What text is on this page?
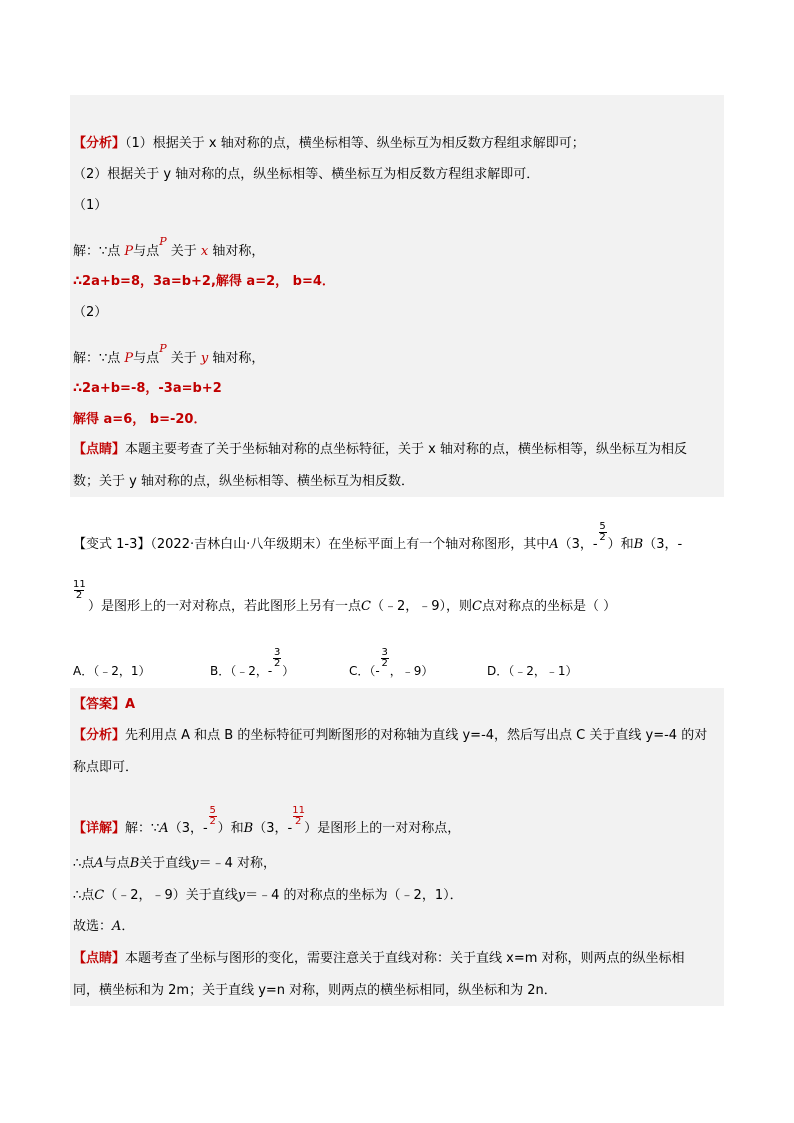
【分析】（1）根据关于 x 轴对称的点，横坐标相等、纵坐标互为相反数方程组求解即可；
（2）根据关于 y 轴对称的点，纵坐标相等、横坐标互为相反数方程组求解即可．
（1）
解：∵点 P与点$^P$ 关于 x 轴对称，
∴2a+b=8，3a=b+2,解得 a=2， b=4．
（2）
解：∵点 P与点$^P$ 关于 y 轴对称，
∴2a+b=-8，-3a=b+2
解得 a=6， b=-20．
【点睛】本题主要考查了关于坐标轴对称的点坐标特征，关于 x 轴对称的点，横坐标相等，纵坐标互为相反
数；关于 y 轴对称的点，纵坐标相等、横坐标互为相反数．
【变式 1-3】（2022·吉林白山·八年级期末）在坐标平面上有一个轴对称图形，其中A（3，-
$\frac{5}{2}$
）和B（3，-
$\frac{11}{2}$
）是图形上的一对对称点，若此图形上另有一点C（﹣2，﹣9），则C点对称点的坐标是（ ）
A．（﹣2，1）	B．（﹣2，-
$\frac{3}{2}$
）	C．（-
$\frac{3}{2}$
，﹣9）	D．（﹣2，﹣1）
【答案】A
【分析】先利用点 A 和点 B 的坐标特征可判断图形的对称轴为直线 y=-4，然后写出点 C 关于直线 y=-4 的对
称点即可．
【详解】解：∵A（3，-
$\frac{5}{2}$
）和B（3，-
$\frac{11}{2}$
）是图形上的一对对称点，
∴点A与点B关于直线y＝﹣4 对称，
∴点C（﹣2，﹣9）关于直线y＝﹣4 的对称点的坐标为（﹣2，1）．
故选：A．
【点睛】本题考查了坐标与图形的变化，需要注意关于直线对称：关于直线 x=m 对称，则两点的纵坐标相
同，横坐标和为 2m；关于直线 y=n 对称，则两点的横坐标相同，纵坐标和为 2n．
